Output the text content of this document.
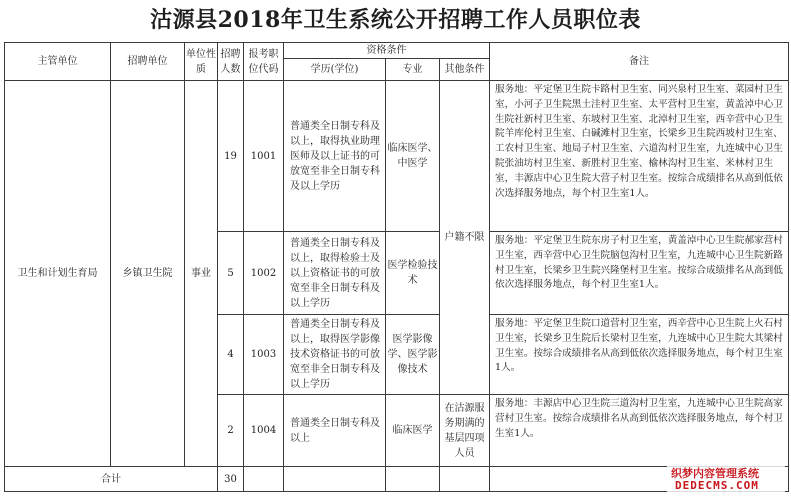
沽源县2018年卫生系统公开招聘工作人员职位表
主管单位	招聘单位	单位性质	招聘人数	报考职位代码	资格条件			备注
					学历(学位)	专业	其他条件	
卫生和计划生育局	乡镇卫生院	事业	19	1001	普通类全日制专科及以上，取得执业助理医师及以上证书的可放宽至非全日制专科及以上学历	临床医学、中医学	户籍不限	服务地：平定堡卫生院卡路村卫生室、同兴泉村卫生室、菜园村卫生室，小河子卫生院黑土洼村卫生室、太平营村卫生室，黄盖淖中心卫生院社新村卫生室、东坡村卫生室、北淖村卫生室，西辛营中心卫生院羊库伦村卫生室、白碱滩村卫生室，长梁乡卫生院西坡村卫生室、工农村卫生室、地局子村卫生室、六道沟村卫生室，九连城中心卫生院张油坊村卫生室、新胜村卫生室、榆林沟村卫生室、米林村卫生室，丰源店中心卫生院大营子村卫生室。按综合成绩排名从高到低依次选择服务地点，每个村卫生室1人。
			5	1002	普通类全日制专科及以上，取得检验士及以上资格证书的可放宽至非全日制专科及以上学历	医学检验技术		服务地：平定堡卫生院东房子村卫生室，黄盖淖中心卫生院郝家营村卫生室，西辛营中心卫生院脑包沟村卫生室，九连城中心卫生院新路村卫生室，长梁乡卫生院兴隆堡村卫生室。按综合成绩排名从高到低依次选择服务地点，每个村卫生室1人。
			4	1003	普通类全日制专科及以上，取得医学影像技术资格证书的可放宽至非全日制专科及以上学历	医学影像学、医学影像技术		服务地：平定堡卫生院口道营村卫生室，西辛营中心卫生院上火石村卫生室，长梁乡卫生院后长梁村卫生室，九连城中心卫生院大其梁村卫生室。按综合成绩排名从高到低依次选择服务地点，每个村卫生室1人。
			2	1004	普通类全日制专科及以上	临床医学	在沽源服务期满的基层四项人员	服务地：丰源店中心卫生院三道沟村卫生室，九连城中心卫生院高家营村卫生室。按综合成绩排名从高到低依次选择服务地点，每个村卫生室1人。
合计			30						织梦内容管理系统
DEDECMS.COM
